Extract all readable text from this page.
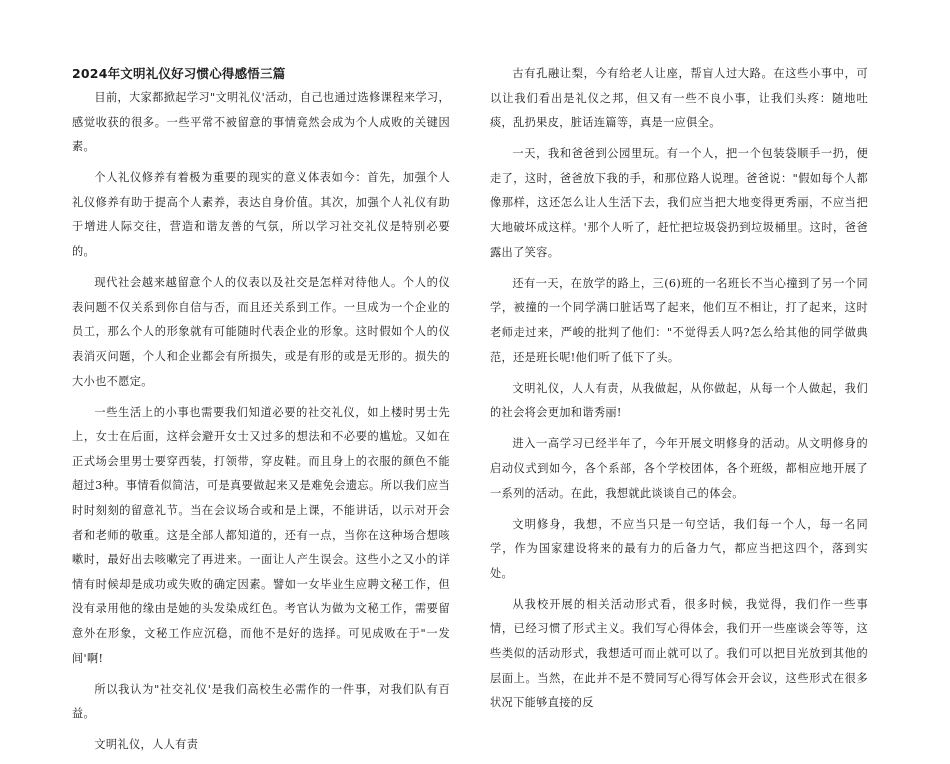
2024年文明礼仪好习惯心得感悟三篇

目前，大家都掀起学习"文明礼仪'活动，自己也通过选修课程来学习，感觉收获的很多。一些平常不被留意的事情竟然会成为个人成败的关键因素。

个人礼仪修养有着极为重要的现实的意义体表如今：首先，加强个人礼仪修养有助于提高个人素养，表达自身价值。其次，加强个人礼仪有助于增进人际交往，营造和谐友善的气氛，所以学习社交礼仪是特别必要的。

现代社会越来越留意个人的仪表以及社交是怎样对待他人。个人的仪表问题不仅关系到你自信与否，而且还关系到工作。一旦成为一个企业的员工，那么个人的形象就有可能随时代表企业的形象。这时假如个人的仪表消灭问题，个人和企业都会有所损失，或是有形的或是无形的。损失的大小也不愿定。

一些生活上的小事也需要我们知道必要的社交礼仪，如上楼时男士先上，女士在后面，这样会避开女士又过多的想法和不必要的尴尬。又如在正式场会里男士要穿西装，打领带，穿皮鞋。而且身上的衣服的颜色不能超过3种。事情看似简洁，可是真要做起来又是难免会遗忘。所以我们应当时时刻刻的留意礼节。当在会议场合或和是上课，不能讲话，以示对开会者和老师的敬重。这是全部人都知道的，还有一点，当你在这种场合想咳嗽时，最好出去咳嗽完了再进来。一面让人产生误会。这些小之又小的详情有时候却是成功或失败的确定因素。譬如一女毕业生应聘文秘工作，但没有录用他的缘由是她的头发染成红色。考官认为做为文秘工作，需要留意外在形象，文秘工作应沉稳，而他不是好的选择。可见成败在于"一发间'啊!

所以我认为"社交礼仪'是我们高校生必需作的一件事，对我们队有百益。

文明礼仪，人人有责

古有孔融让梨，今有给老人让座，帮盲人过大路。在这些小事中，可以让我们看出是礼仪之邦，但又有一些不良小事，让我们头疼：随地吐痰，乱扔果皮，脏话连篇等，真是一应俱全。

一天，我和爸爸到公园里玩。有一个人，把一个包装袋顺手一扔，便走了，这时，爸爸放下我的手，和那位路人说理。爸爸说："假如每个人都像那样，这还怎么让人生活下去，我们应当把大地变得更秀丽，不应当把大地破坏成这样。'那个人听了，赶忙把垃圾袋扔到垃圾桶里。这时，爸爸露出了笑容。

还有一天，在放学的路上，三(6)班的一名班长不当心撞到了另一个同学，被撞的一个同学满口脏话骂了起来，他们互不相让，打了起来，这时老师走过来，严峻的批判了他们："不觉得丢人吗?怎么给其他的同学做典范，还是班长呢!他们听了低下了头。

文明礼仪，人人有责，从我做起，从你做起，从每一个人做起，我们的社会将会更加和谐秀丽!

进入一高学习已经半年了，今年开展文明修身的活动。从文明修身的启动仪式到如今，各个系部，各个学校团体，各个班级，都相应地开展了一系列的活动。在此，我想就此谈谈自己的体会。

文明修身，我想，不应当只是一句空话，我们每一个人，每一名同学，作为国家建设将来的最有力的后备力气，都应当把这四个，落到实处。

从我校开展的相关活动形式看，很多时候，我觉得，我们作一些事情，已经习惯了形式主义。我们写心得体会，我们开一些座谈会等等，这些类似的活动形式，我想适可而止就可以了。我们可以把目光放到其他的层面上。当然，在此并不是不赞同写心得写体会开会议，这些形式在很多状况下能够直接的反
